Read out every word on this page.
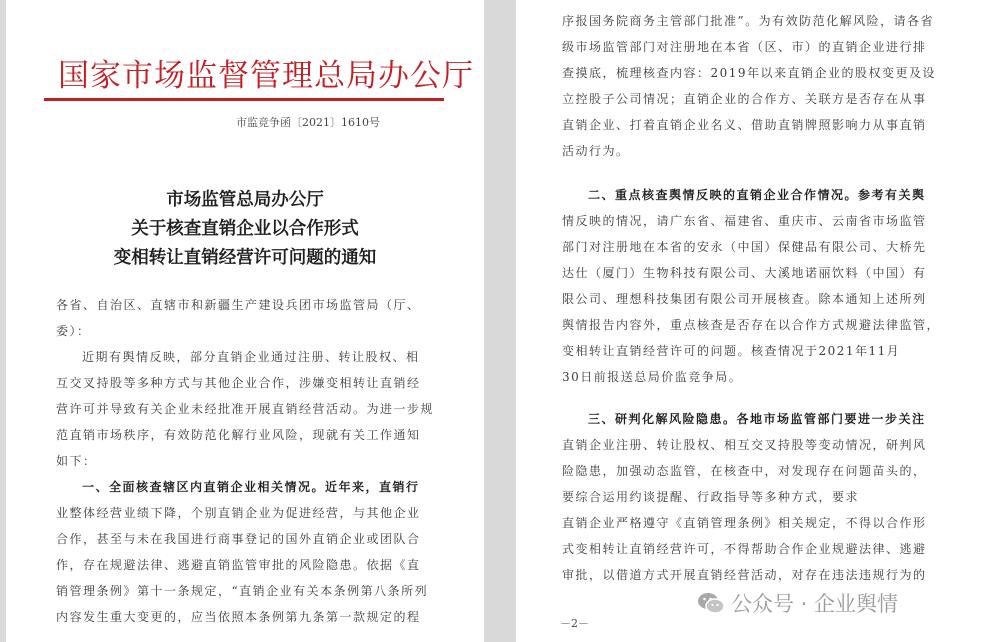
国家市场监督管理总局办公厅
市监竞争函〔2021〕1610号
市场监管总局办公厅
关于核查直销企业以合作形式
变相转让直销经营许可问题的通知
各省、自治区、直辖市和新疆生产建设兵团市场监管局（厅、
委）：
近期有舆情反映，部分直销企业通过注册、转让股权、相
互交叉持股等多种方式与其他企业合作，涉嫌变相转让直销经
营许可并导致有关企业未经批准开展直销经营活动。为进一步规
范直销市场秩序，有效防范化解行业风险，现就有关工作通知
如下：
一、全面核查辖区内直销企业相关情况。近年来，直销行
业整体经营业绩下降，个别直销企业为促进经营，与其他企业
合作，甚至与未在我国进行商事登记的国外直销企业或团队合
作，存在规避法律、逃避直销监管审批的风险隐患。依据《直
销管理条例》第十一条规定，“直销企业有关本条例第八条所列
内容发生重大变更的，应当依照本条例第九条第一款规定的程
序报国务院商务主管部门批准”。为有效防范化解风险，请各省
级市场监管部门对注册地在本省（区、市）的直销企业进行排
查摸底，梳理核查内容：2019年以来直销企业的股权变更及设
立控股子公司情况；直销企业的合作方、关联方是否存在从事
直销企业、打着直销企业名义、借助直销牌照影响力从事直销
活动行为。
二、重点核查舆情反映的直销企业合作情况。参考有关舆
情反映的情况，请广东省、福建省、重庆市、云南省市场监管
部门对注册地在本省的安永（中国）保健品有限公司、大桥先
达仕（厦门）生物科技有限公司、大溪地诺丽饮料（中国）有
限公司、理想科技集团有限公司开展核查。除本通知上述所列
舆情报告内容外，重点核查是否存在以合作方式规避法律监管，
变相转让直销经营许可的问题。核查情况于2021年11月
30日前报送总局价监竞争局。
三、研判化解风险隐患。各地市场监管部门要进一步关注
直销企业注册、转让股权、相互交叉持股等变动情况，研判风
险隐患，加强动态监管，在核查中，对发现存在问题苗头的，
要综合运用约谈提醒、行政指导等多种方式，要求
直销企业严格遵守《直销管理条例》相关规定，不得以合作形
式变相转让直销经营许可，不得帮助合作企业规避法律、逃避
审批，以借道方式开展直销经营活动，对存在违法违规行为的
－2－
公众号 · 企业舆情
